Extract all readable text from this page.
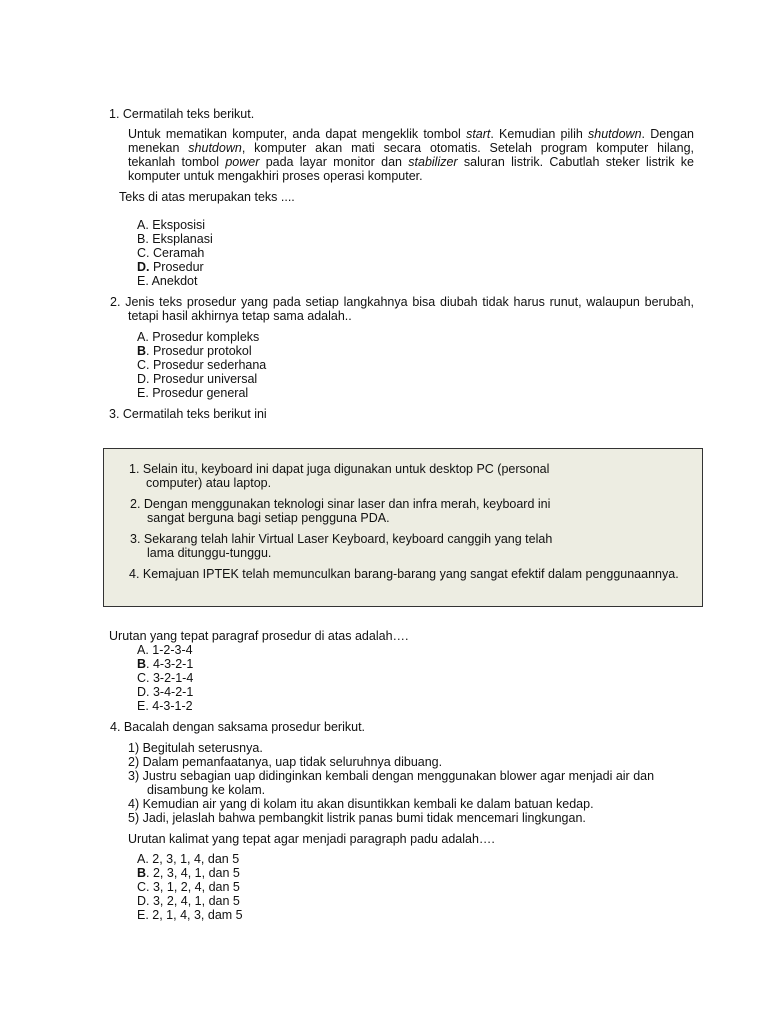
1. Cermatilah teks berikut.
Untuk mematikan komputer, anda dapat mengeklik tombol start. Kemudian pilih shutdown. Dengan
menekan shutdown, komputer akan mati secara otomatis. Setelah program komputer hilang,
tekanlah tombol power pada layar monitor dan stabilizer saluran listrik. Cabutlah steker listrik ke
komputer untuk mengakhiri proses operasi komputer.
Teks di atas merupakan teks ....
A. Eksposisi
B. Eksplanasi
C. Ceramah
D. Prosedur
E. Anekdot
2. Jenis teks prosedur yang pada setiap langkahnya bisa diubah tidak harus runut, walaupun berubah,
tetapi hasil akhirnya tetap sama adalah..
A. Prosedur kompleks
B. Prosedur protokol
C. Prosedur sederhana
D. Prosedur universal
E. Prosedur general
3. Cermatilah teks berikut ini
1. Selain itu, keyboard ini dapat juga digunakan untuk desktop PC (personal
computer) atau laptop.
2. Dengan menggunakan teknologi sinar laser dan infra merah, keyboard ini
sangat berguna bagi setiap pengguna PDA.
3. Sekarang telah lahir Virtual Laser Keyboard, keyboard canggih yang telah
lama ditunggu-tunggu.
4. Kemajuan IPTEK telah memunculkan barang-barang yang sangat efektif dalam penggunaannya.
Urutan yang tepat paragraf prosedur di atas adalah….
A. 1-2-3-4
B. 4-3-2-1
C. 3-2-1-4
D. 3-4-2-1
E. 4-3-1-2
4. Bacalah dengan saksama prosedur berikut.
1) Begitulah seterusnya.
2) Dalam pemanfaatanya, uap tidak seluruhnya dibuang.
3) Justru sebagian uap didinginkan kembali dengan menggunakan blower agar menjadi air dan
disambung ke kolam.
4) Kemudian air yang di kolam itu akan disuntikkan kembali ke dalam batuan kedap.
5) Jadi, jelaslah bahwa pembangkit listrik panas bumi tidak mencemari lingkungan.
Urutan kalimat yang tepat agar menjadi paragraph padu adalah….
A. 2, 3, 1, 4, dan 5
B. 2, 3, 4, 1, dan 5
C. 3, 1, 2, 4, dan 5
D. 3, 2, 4, 1, dan 5
E. 2, 1, 4, 3, dam 5
